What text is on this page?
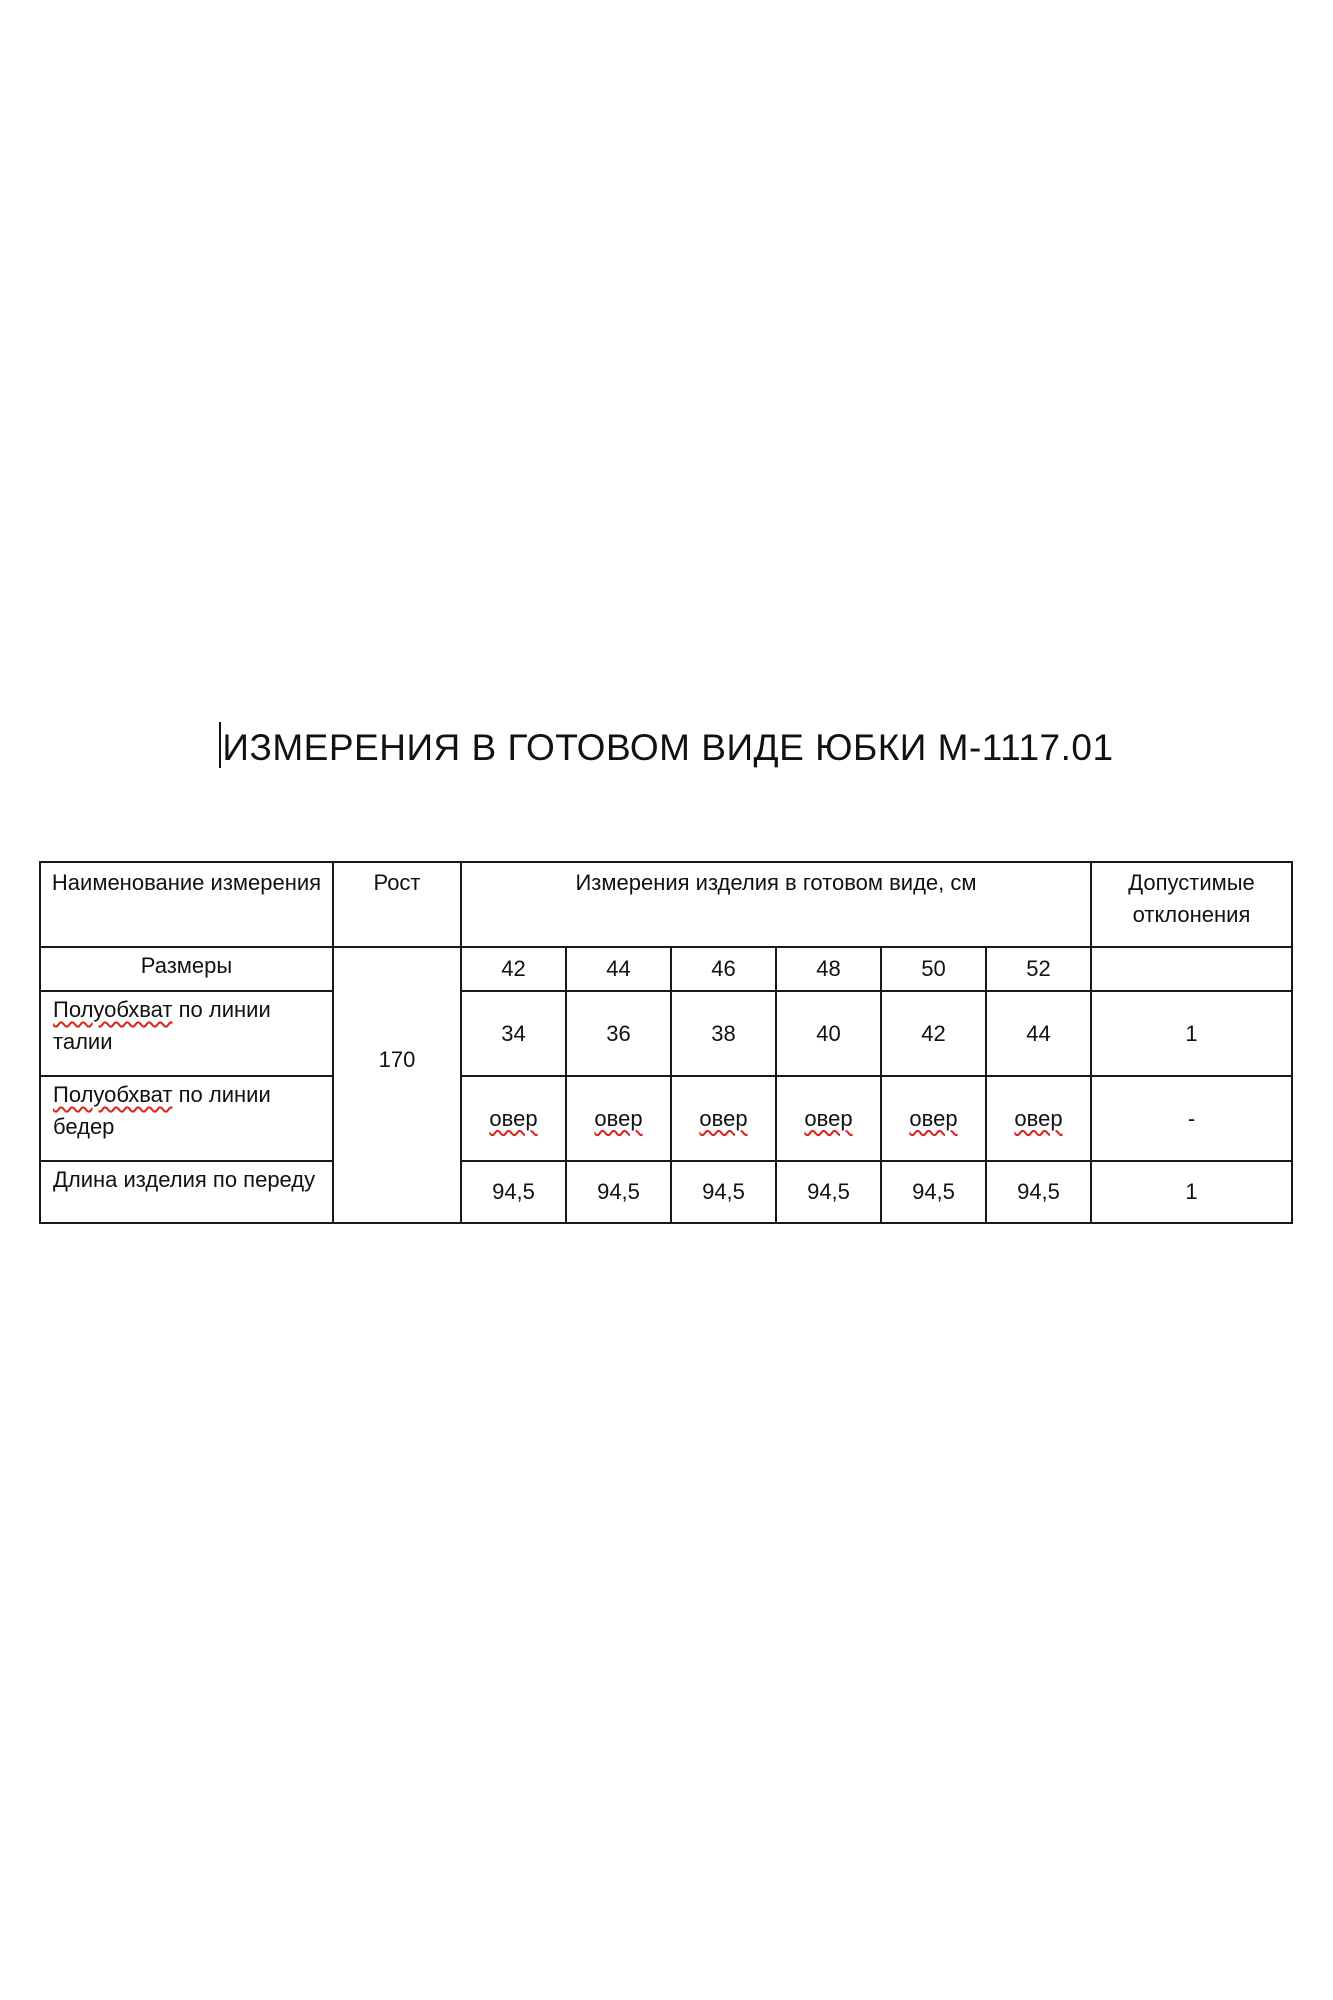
ИЗМЕРЕНИЯ В ГОТОВОМ ВИДЕ ЮБКИ М-1117.01
Наименование измерения	Рост	Измерения изделия в готовом виде, см						Допустимые отклонения
Размеры	170	42	44	46	48	50	52	
Полуобхват по линии талии		34	36	38	40	42	44	1
Полуобхват по линии бедер		овер	овер	овер	овер	овер	овер	-
Длина изделия по переду		94,5	94,5	94,5	94,5	94,5	94,5	1
